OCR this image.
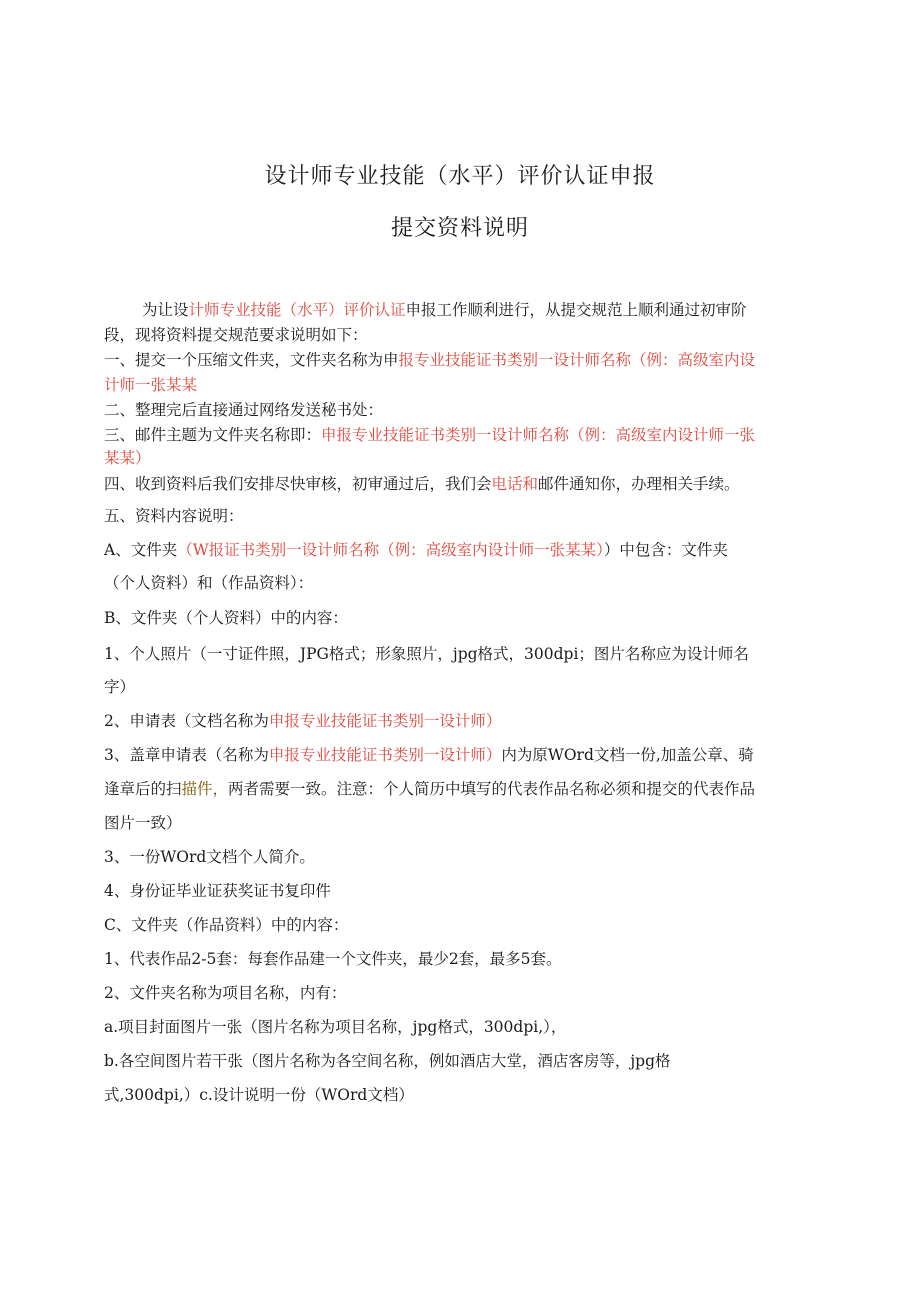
设计师专业技能（水平）评价认证申报
提交资料说明
为让设计师专业技能（水平）评价认证申报工作顺利进行，从提交规范上顺利通过初审阶
段，现将资料提交规范要求说明如下：
一、提交一个压缩文件夹，文件夹名称为申报专业技能证书类别一设计师名称（例：高级室内设
计师一张某某
二、整理完后直接通过网络发送秘书处：
三、邮件主题为文件夹名称即：申报专业技能证书类别一设计师名称（例：高级室内设计师一张
某某）
四、收到资料后我们安排尽快审核，初审通过后，我们会电话和邮件通知你，办理相关手续。
五、资料内容说明：
A、文件夹（W报证书类别一设计师名称（例：高级室内设计师一张某某））中包含：文件夹
（个人资料）和（作品资料）：
B、文件夹（个人资料）中的内容：
1、个人照片（一寸证件照，JPG格式；形象照片，jpg格式，300dpi；图片名称应为设计师名
字）
2、申请表（文档名称为申报专业技能证书类别一设计师）
3、盖章申请表（名称为申报专业技能证书类别一设计师）内为原WOrd文档一份,加盖公章、骑
逢章后的扫描件，两者需要一致。注意：个人简历中填写的代表作品名称必须和提交的代表作品
图片一致）
3、一份WOrd文档个人简介。
4、身份证毕业证获奖证书复印件
C、文件夹（作品资料）中的内容：
1、代表作品2-5套：每套作品建一个文件夹，最少2套，最多5套。
2、文件夹名称为项目名称，内有：
a.项目封面图片一张（图片名称为项目名称，jpg格式，300dpi,），
b.各空间图片若干张（图片名称为各空间名称，例如酒店大堂，酒店客房等，jpg格
式,300dpi,）c.设计说明一份（WOrd文档）
